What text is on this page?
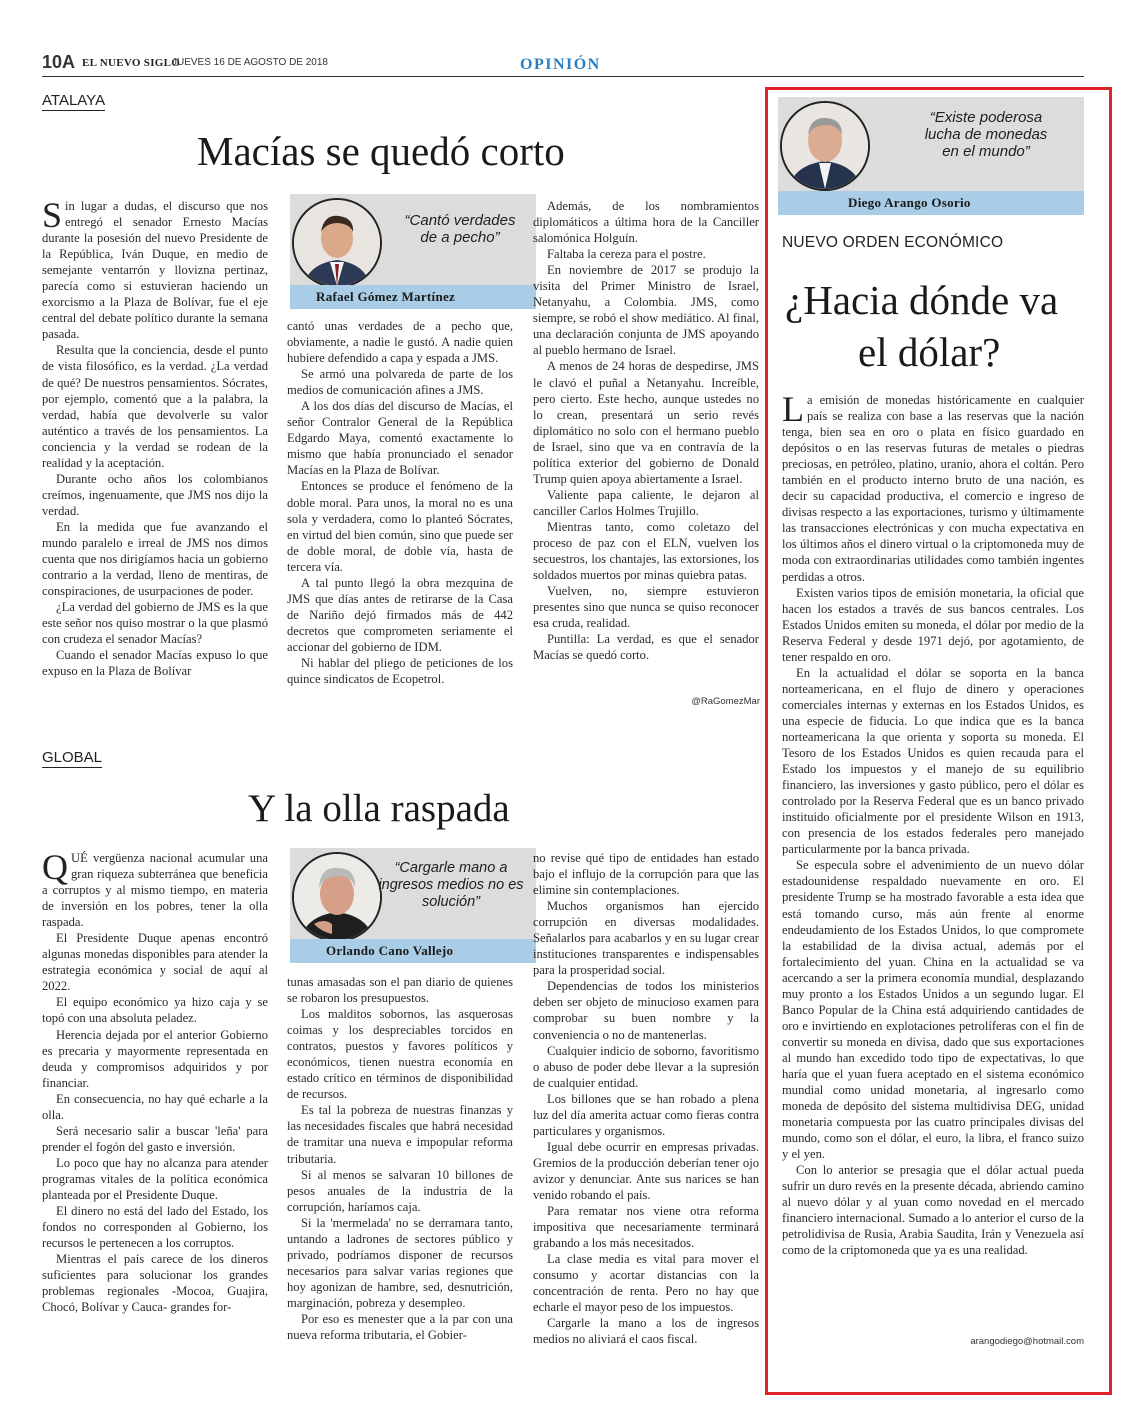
10A EL NUEVO SIGLO
JUEVES 16 DE AGOSTO DE 2018	OPINIÓN
ATALAYA
Macías se quedó corto
“Cantó verdades de a pecho”
Rafael Gómez Martínez

Sin lugar a dudas, el discurso que nos entregó el senador Ernesto Macías durante la posesión del nuevo Presidente de la República, Iván Duque, en medio de semejante ventarrón y llovizna pertinaz, parecía como si estuvieran haciendo un exorcismo a la Plaza de Bolívar, fue el eje central del debate político durante la semana pasada.

Resulta que la conciencia, desde el punto de vista filosófico, es la verdad. ¿La verdad de qué? De nuestros pensamientos. Sócrates, por ejemplo, comentó que a la palabra, la verdad, había que devolverle su valor auténtico a través de los pensamientos. La conciencia y la verdad se rodean de la realidad y la aceptación.

Durante ocho años los colombianos creímos, ingenuamente, que JMS nos dijo la verdad.

En la medida que fue avanzando el mundo paralelo e irreal de JMS nos dimos cuenta que nos dirigíamos hacia un gobierno contrario a la verdad, lleno de mentiras, de conspiraciones, de usurpaciones de poder.

¿La verdad del gobierno de JMS es la que este señor nos quiso mostrar o la que plasmó con crudeza el senador Macías?

Cuando el senador Macías expuso lo que expuso en la Plaza de Bolívar

cantó unas verdades de a pecho que, obviamente, a nadie le gustó. A nadie quien hubiere defendido a capa y espada a JMS.

Se armó una polvareda de parte de los medios de comunicación afines a JMS.

A los dos días del discurso de Macías, el señor Contralor General de la República Edgardo Maya, comentó exactamente lo mismo que había pronunciado el senador Macías en la Plaza de Bolívar.

Entonces se produce el fenómeno de la doble moral. Para unos, la moral no es una sola y verdadera, como lo planteó Sócrates, en virtud del bien común, sino que puede ser de doble moral, de doble vía, hasta de tercera vía.

A tal punto llegó la obra mezquina de JMS que días antes de retirarse de la Casa de Nariño dejó firmados más de 442 decretos que comprometen seriamente el accionar del gobierno de IDM.

Ni hablar del pliego de peticiones de los quince sindicatos de Ecopetrol.

Además, de los nombramientos diplomáticos a última hora de la Canciller salomónica Holguín.

Faltaba la cereza para el postre.

En noviembre de 2017 se produjo la visita del Primer Ministro de Israel, Netanyahu, a Colombia. JMS, como siempre, se robó el show mediático. Al final, una declaración conjunta de JMS apoyando al pueblo hermano de Israel.

A menos de 24 horas de despedirse, JMS le clavó el puñal a Netanyahu. Increíble, pero cierto. Este hecho, aunque ustedes no lo crean, presentará un serio revés diplomático no solo con el hermano pueblo de Israel, sino que va en contravía de la política exterior del gobierno de Donald Trump quien apoya abiertamente a Israel.

Valiente papa caliente, le dejaron al canciller Carlos Holmes Trujillo.

Mientras tanto, como coletazo del proceso de paz con el ELN, vuelven los secuestros, los chantajes, las extorsiones, los soldados muertos por minas quiebra patas.

Vuelven, no, siempre estuvieron presentes sino que nunca se quiso reconocer esa cruda, realidad.

Puntilla: La verdad, es que el senador Macías se quedó corto.

@RaGomezMar
GLOBAL
Y la olla raspada
“Cargarle mano a ingresos medios no es solución”
Orlando Cano Vallejo

QUÉ vergüenza nacional acumular una gran riqueza subterránea que beneficia a corruptos y al mismo tiempo, en materia de inversión en los pobres, tener la olla raspada.

El Presidente Duque apenas encontró algunas monedas disponibles para atender la estrategia económica y social de aquí al 2022.

El equipo económico ya hizo caja y se topó con una absoluta peladez.

Herencia dejada por el anterior Gobierno es precaria y mayormente representada en deuda y compromisos adquiridos y por financiar.

En consecuencia, no hay qué echarle a la olla.

Será necesario salir a buscar 'leña' para prender el fogón del gasto e inversión.

Lo poco que hay no alcanza para atender programas vitales de la política económica planteada por el Presidente Duque.

El dinero no está del lado del Estado, los fondos no corresponden al Gobierno, los recursos le pertenecen a los corruptos.

Mientras el país carece de los dineros suficientes para solucionar los grandes problemas regionales -Mocoa, Guajira, Chocó, Bolívar y Cauca- grandes for-

tunas amasadas son el pan diario de quienes se robaron los presupuestos.

Los malditos sobornos, las asquerosas coimas y los despreciables torcidos en contratos, puestos y favores políticos y económicos, tienen nuestra economía en estado crítico en términos de disponibilidad de recursos.

Es tal la pobreza de nuestras finanzas y las necesidades fiscales que habrá necesidad de tramitar una nueva e impopular reforma tributaria.

Si al menos se salvaran 10 billones de pesos anuales de la industria de la corrupción, haríamos caja.

Si la 'mermelada' no se derramara tanto, untando a ladrones de sectores público y privado, podríamos disponer de recursos necesarios para salvar varias regiones que hoy agonizan de hambre, sed, desnutrición, marginación, pobreza y desempleo.

Por eso es menester que a la par con una nueva reforma tributaria, el Gobier-

no revise qué tipo de entidades han estado bajo el influjo de la corrupción para que las elimine sin contemplaciones.

Muchos organismos han ejercido corrupción en diversas modalidades. Señalarlos para acabarlos y en su lugar crear instituciones transparentes e indispensables para la prosperidad social.

Dependencias de todos los ministerios deben ser objeto de minucioso examen para comprobar su buen nombre y la conveniencia o no de mantenerlas.

Cualquier indicio de soborno, favoritismo o abuso de poder debe llevar a la supresión de cualquier entidad.

Los billones que se han robado a plena luz del día amerita actuar como fieras contra particulares y organismos.

Igual debe ocurrir en empresas privadas. Gremios de la producción deberían tener ojo avizor y denunciar. Ante sus narices se han venido robando el país.

Para rematar nos viene otra reforma impositiva que necesariamente terminará grabando a los más necesitados.

La clase media es vital para mover el consumo y acortar distancias con la concentración de renta. Pero no hay que echarle el mayor peso de los impuestos.

Cargarle la mano a los de ingresos medios no aliviará el caos fiscal.

“Existe poderosa lucha de monedas en el mundo”
Diego Arango Osorio
NUEVO ORDEN ECONÓMICO
¿Hacia dónde va
el dólar?

La emisión de monedas históricamente en cualquier país se realiza con base a las reservas que la nación tenga, bien sea en oro o plata en físico guardado en depósitos o en las reservas futuras de metales o piedras preciosas, en petróleo, platino, uranio, ahora el coltán. Pero también en el producto interno bruto de una nación, es decir su capacidad productiva, el comercio e ingreso de divisas respecto a las exportaciones, turismo y últimamente las transacciones electrónicas y con mucha expectativa en los últimos años el dinero virtual o la criptomoneda muy de moda con extraordinarias utilidades como también ingentes perdidas a otros.

Existen varios tipos de emisión monetaria, la oficial que hacen los estados a través de sus bancos centrales. Los Estados Unidos emiten su moneda, el dólar por medio de la Reserva Federal y desde 1971 dejó, por agotamiento, de tener respaldo en oro.

En la actualidad el dólar se soporta en la banca norteamericana, en el flujo de dinero y operaciones comerciales internas y externas en los Estados Unidos, es una especie de fiducia. Lo que indica que es la banca norteamericana la que orienta y soporta su moneda. El Tesoro de los Estados Unidos es quien recauda para el Estado los impuestos y el manejo de su equilibrio financiero, las inversiones y gasto público, pero el dólar es controlado por la Reserva Federal que es un banco privado instituido oficialmente por el presidente Wilson en 1913, con presencia de los estados federales pero manejado particularmente por la banca privada.

Se especula sobre el advenimiento de un nuevo dólar estadounidense respaldado nuevamente en oro. El presidente Trump se ha mostrado favorable a esta idea que está tomando curso, más aún frente al enorme endeudamiento de los Estados Unidos, lo que compromete la estabilidad de la divisa actual, además por el fortalecimiento del yuan. China en la actualidad se va acercando a ser la primera economía mundial, desplazando muy pronto a los Estados Unidos a un segundo lugar. El Banco Popular de la China está adquiriendo cantidades de oro e invirtiendo en explotaciones petrolíferas con el fin de convertir su moneda en divisa, dado que sus exportaciones al mundo han excedido todo tipo de expectativas, lo que haría que el yuan fuera aceptado en el sistema económico mundial como unidad monetaria, al ingresarlo como moneda de depósito del sistema multidivisa DEG, unidad monetaria compuesta por las cuatro principales divisas del mundo, como son el dólar, el euro, la libra, el franco suizo y el yen.

Con lo anterior se presagia que el dólar actual pueda sufrir un duro revés en la presente década, abriendo camino al nuevo dólar y al yuan como novedad en el mercado financiero internacional. Sumado a lo anterior el curso de la petrolidivisa de Rusia, Arabia Saudita, Irán y Venezuela así como de la criptomoneda que ya es una realidad.

arangodiego@hotmail.com
